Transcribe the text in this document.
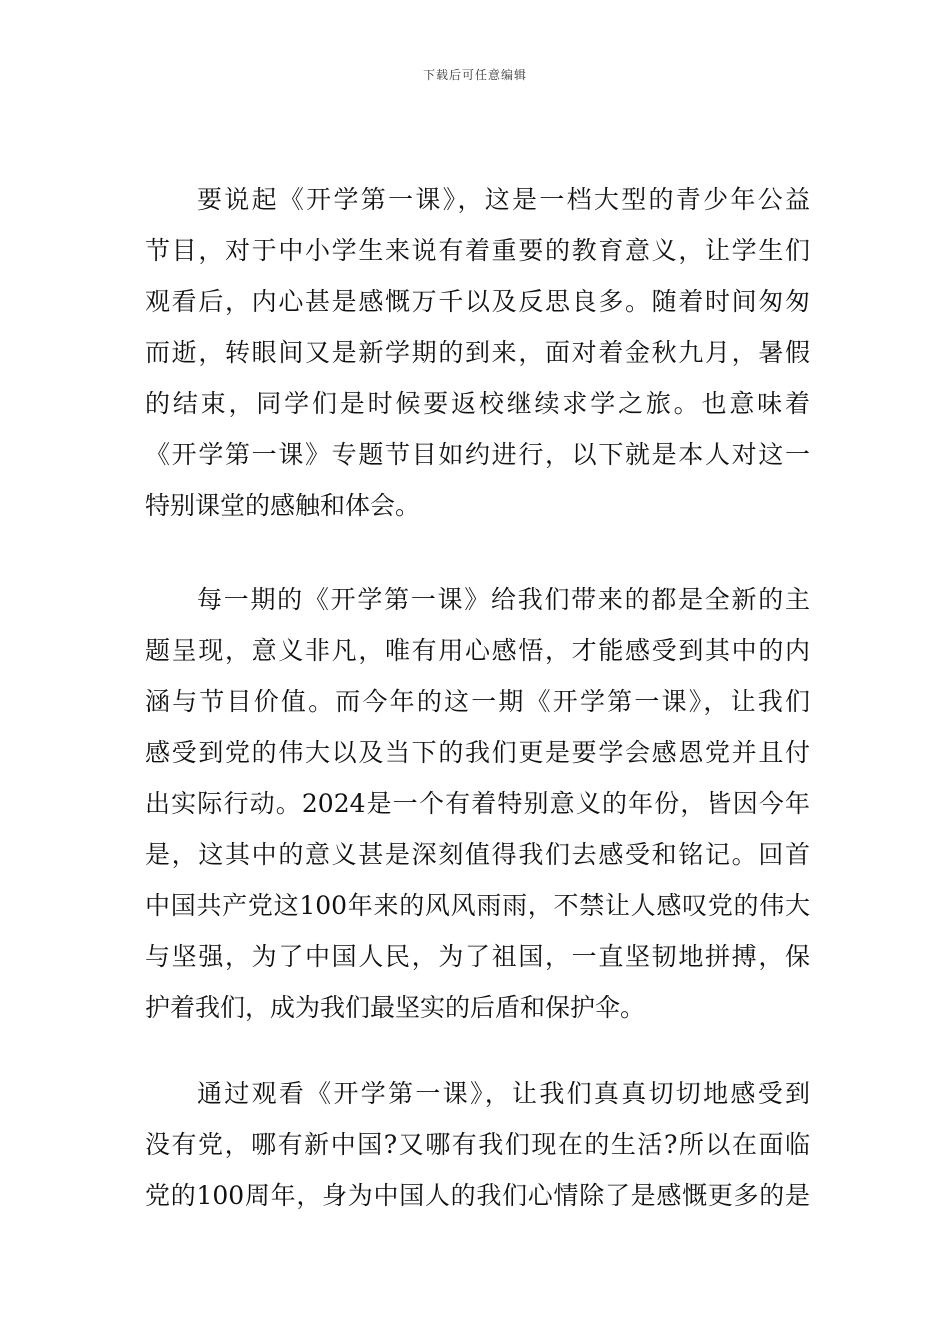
下载后可任意编辑
要说起《开学第一课》，这是一档大型的青少年公益
节目，对于中小学生来说有着重要的教育意义，让学生们
观看后，内心甚是感慨万千以及反思良多。随着时间匆匆
而逝，转眼间又是新学期的到来，面对着金秋九月，暑假
的结束，同学们是时候要返校继续求学之旅。也意味着
《开学第一课》专题节目如约进行，以下就是本人对这一
特别课堂的感触和体会。
每一期的《开学第一课》给我们带来的都是全新的主
题呈现，意义非凡，唯有用心感悟，才能感受到其中的内
涵与节目价值。而今年的这一期《开学第一课》，让我们
感受到党的伟大以及当下的我们更是要学会感恩党并且付
出实际行动。2024是一个有着特别意义的年份，皆因今年
是，这其中的意义甚是深刻值得我们去感受和铭记。回首
中国共产党这100年来的风风雨雨，不禁让人感叹党的伟大
与坚强，为了中国人民，为了祖国，一直坚韧地拼搏，保
护着我们，成为我们最坚实的后盾和保护伞。
通过观看《开学第一课》，让我们真真切切地感受到
没有党，哪有新中国?又哪有我们现在的生活?所以在面临
党的100周年，身为中国人的我们心情除了是感慨更多的是
